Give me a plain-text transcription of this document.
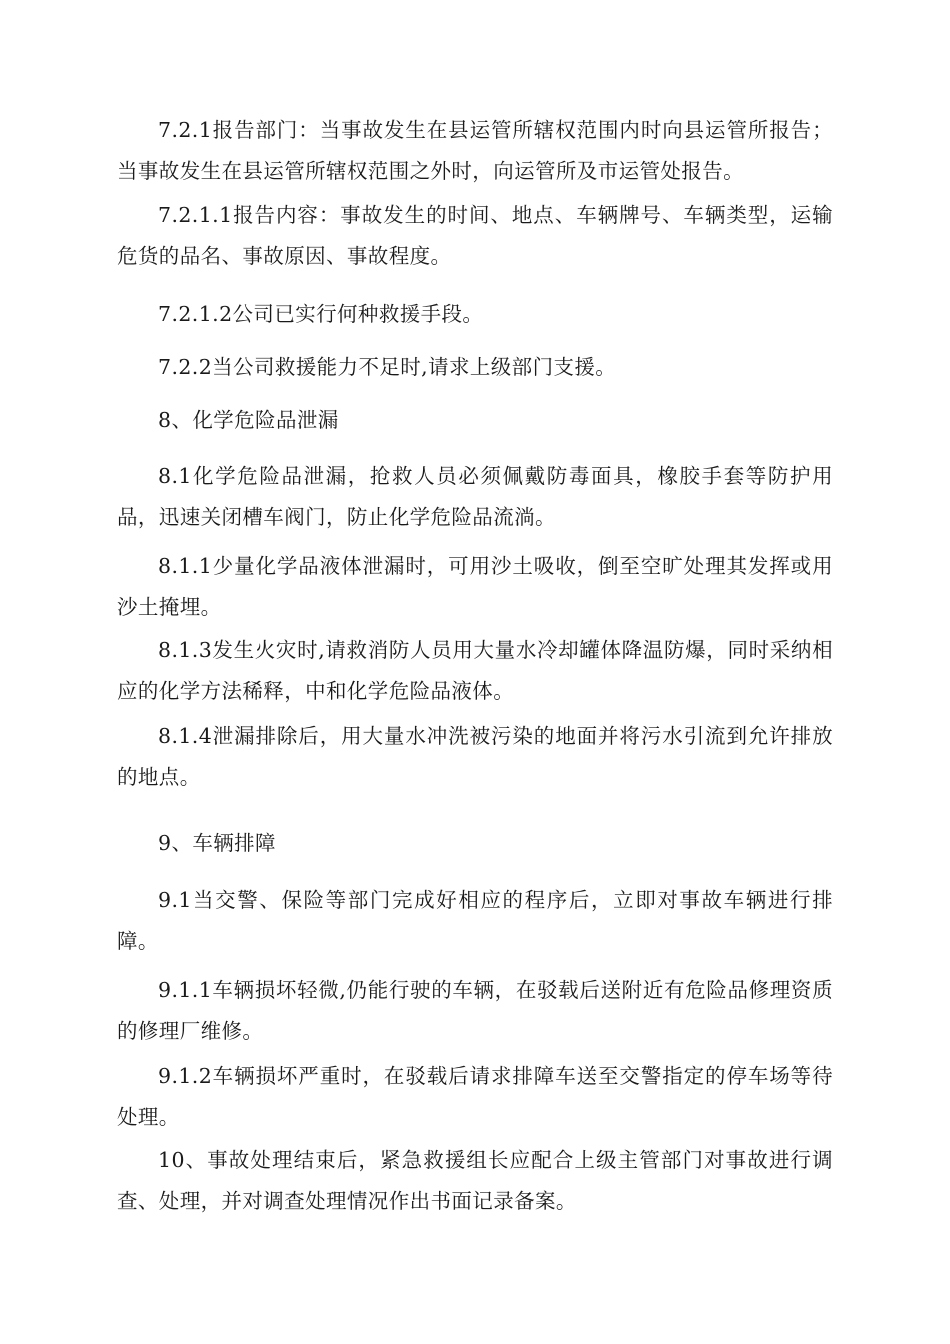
7.2.1报告部门：当事故发生在县运管所辖权范围内时向县运管所报告；当事故发生在县运管所辖权范围之外时，向运管所及市运管处报告。

7.2.1.1报告内容：事故发生的时间、地点、车辆牌号、车辆类型，运输危货的品名、事故原因、事故程度。

7.2.1.2公司已实行何种救援手段。

7.2.2当公司救援能力不足时,请求上级部门支援。

8、化学危险品泄漏

8.1化学危险品泄漏，抢救人员必须佩戴防毒面具，橡胶手套等防护用品，迅速关闭槽车阀门，防止化学危险品流淌。

8.1.1少量化学品液体泄漏时，可用沙土吸收，倒至空旷处理其发挥或用沙土掩埋。

8.1.3发生火灾时,请救消防人员用大量水冷却罐体降温防爆，同时采纳相应的化学方法稀释，中和化学危险品液体。

8.1.4泄漏排除后，用大量水冲洗被污染的地面并将污水引流到允许排放的地点。

9、车辆排障

9.1当交警、保险等部门完成好相应的程序后，立即对事故车辆进行排障。

9.1.1车辆损坏轻微,仍能行驶的车辆，在驳载后送附近有危险品修理资质的修理厂维修。

9.1.2车辆损坏严重时，在驳载后请求排障车送至交警指定的停车场等待处理。

10、事故处理结束后，紧急救援组长应配合上级主管部门对事故进行调查、处理，并对调查处理情况作出书面记录备案。
